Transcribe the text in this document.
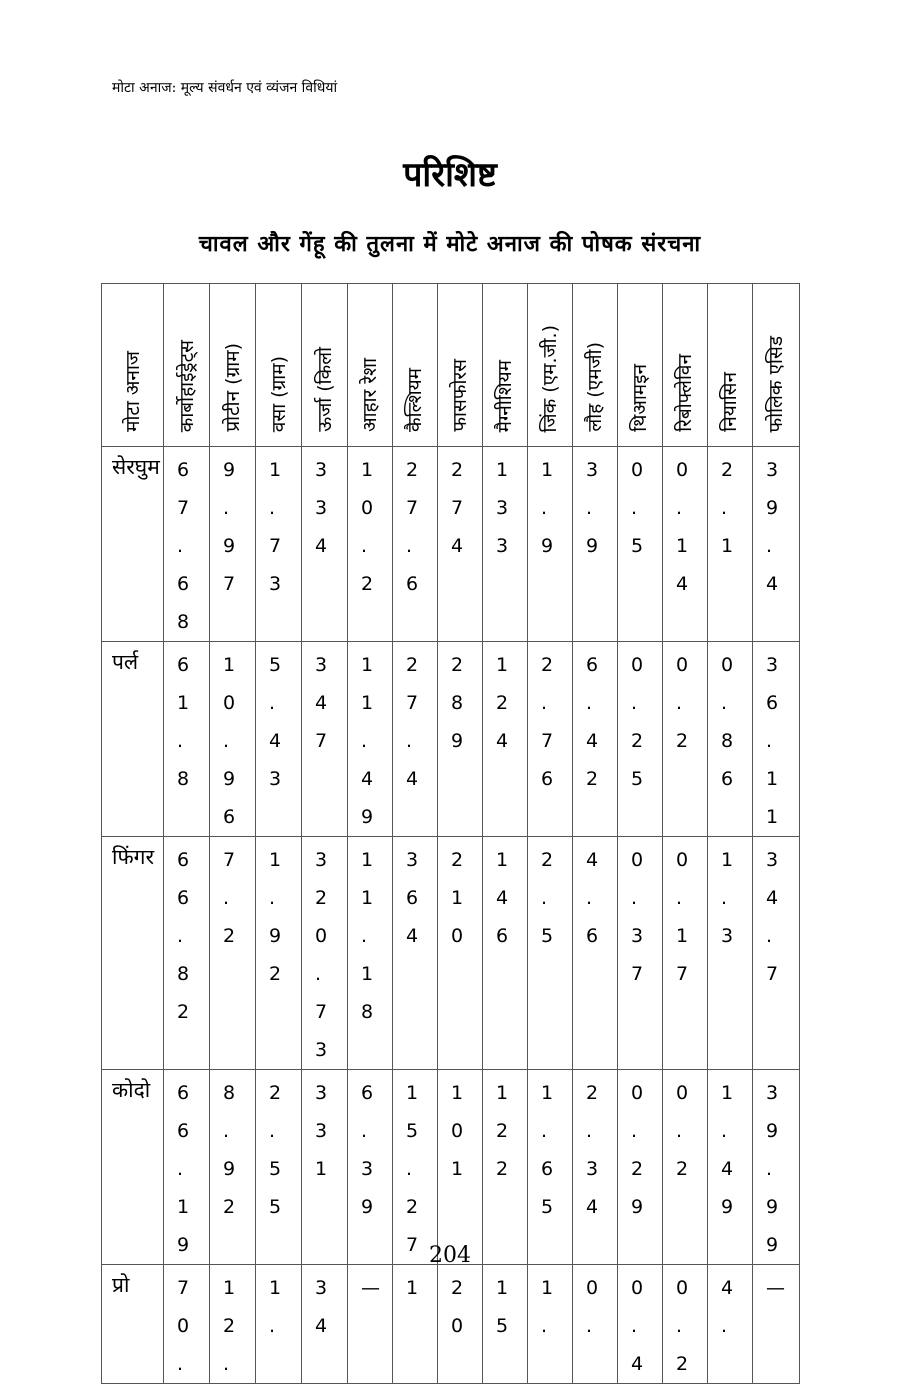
मोटा अनाज: मूल्य संवर्धन एवं व्यंजन विधियां
परिशिष्ट
चावल और गेंहू की तुलना में मोटे अनाज की पोषक संरचना
मोटा अनाज	कार्बोहाईड्रेट्स	प्रोटीन (ग्राम)	वसा (ग्राम)	ऊर्जा (किलो	आहार रेशा	कैल्शियम	फासफोरस	मैग्नीशियम	जिंक (एम.जी.)	लौह (एमजी)	थिआमइन	रिबोफ्लेविन	नियासिन	फोलिक एसिड

सेरघुम	67.68	9.97	1.73	334	10.2	27.6	274	133	1.9	3.9	0.5	0.14	2.1	39.4

पर्ल	61.8	10.96	5.43	347	11.49	27.4	289	124	2.76	6.42	0.25	0.2	0.86	36.11

फिंगर	66.82	7.2	1.92	320.73	11.18	364	210	146	2.5	4.6	0.37	0.17	1.3	34.7

कोदो	66.19	8.92	2.55	331	6.39	15.27	101	122	1.65	2.34	0.29	0.2	1.49	39.99

प्रो	70.	12.	1.	34	—	1	20	15	1.	0.	0.4	0.2	4.	—
204
